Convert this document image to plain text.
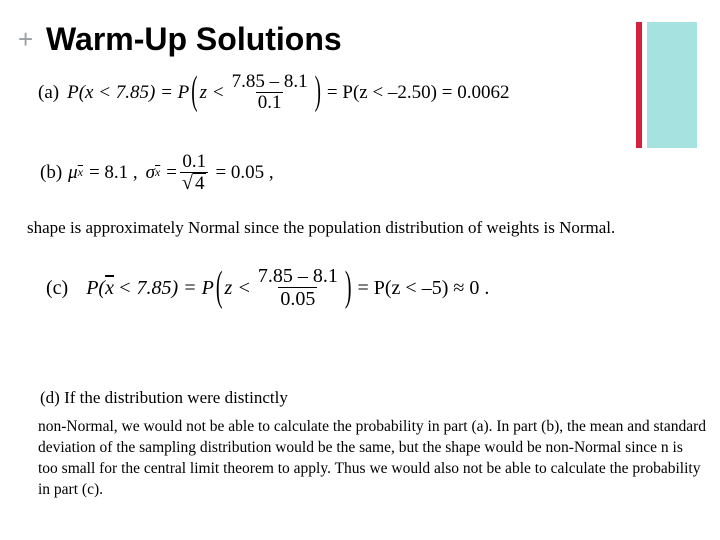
+ Warm-Up Solutions
(a) P(x < 7.85) = P ( $z < \frac{7.85 - 8.1}{0.1}$ ) = P(z < –2.50) = 0.0062
(b) μ $\overline{x} = 8.1$ , σ $\overline{x} = \frac{0.1}{√ 4} = 0.05$ ,
shape is approximately Normal since the population distribution of weights is Normal.
(c) P( $\overline{x} < 7.85) = P$ ( $z < \frac{7.85 - 8.1}{0.05}$ ) = P(z < –5) ≈ 0 .
(d) If the distribution were distinctly
non-Normal, we would not be able to calculate the probability in part (a). In part (b), the mean and standard deviation of the sampling distribution would be the same, but the shape would be non-Normal since n is too small for the central limit theorem to apply. Thus we would also not be able to calculate the probability in part (c).
